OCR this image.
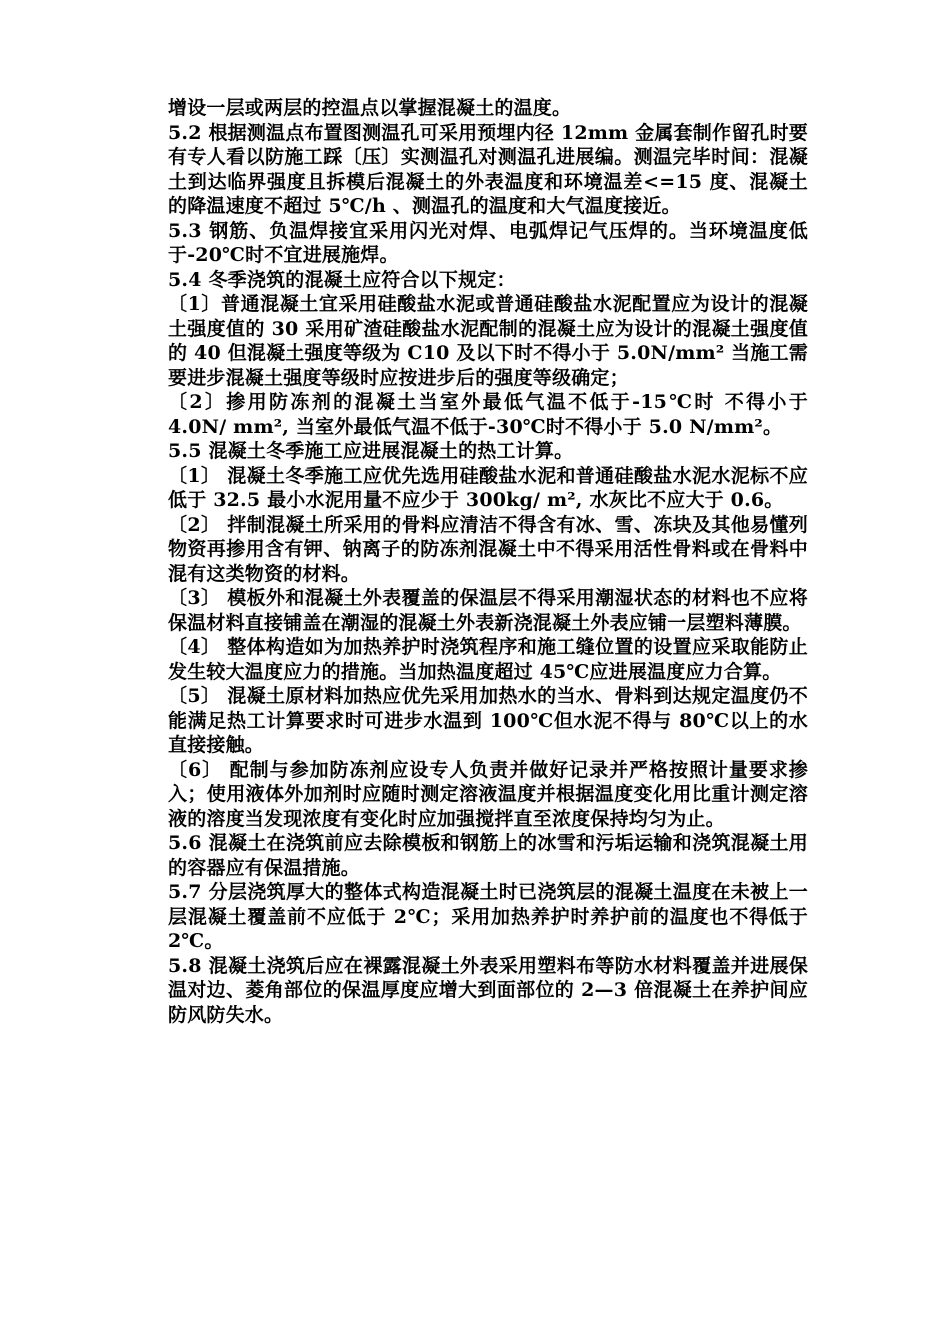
增设一层或两层的控温点以掌握混凝土的温度。

5.2 根据测温点布置图测温孔可采用预埋内径 12mm 金属套制作留孔时要有专人看以防施工踩〔压〕实测温孔对测温孔进展编。测温完毕时间：混凝土到达临界强度且拆模后混凝土的外表温度和环境温差<=15 度、混凝土的降温速度不超过 5℃/h 、测温孔的温度和大气温度接近。

5.3 钢筋、负温焊接宜采用闪光对焊、电弧焊记气压焊的。当环境温度低于-20℃时不宜进展施焊。

5.4 冬季浇筑的混凝土应符合以下规定：

〔1〕普通混凝土宜采用硅酸盐水泥或普通硅酸盐水泥配置应为设计的混凝土强度值的 30 采用矿渣硅酸盐水泥配制的混凝土应为设计的混凝土强度值的 40 但混凝土强度等级为 C10 及以下时不得小于 5.0N/mm² 当施工需要进步混凝土强度等级时应按进步后的强度等级确定；

〔2〕掺用防冻剂的混凝土当室外最低气温不低于-15℃时 不得小于 4.0N/ mm², 当室外最低气温不低于-30℃时不得小于 5.0 N/mm²。

5.5 混凝土冬季施工应进展混凝土的热工计算。

〔1〕 混凝土冬季施工应优先选用硅酸盐水泥和普通硅酸盐水泥水泥标不应低于 32.5 最小水泥用量不应少于 300kg/ m², 水灰比不应大于 0.6。

〔2〕 拌制混凝土所采用的骨料应清洁不得含有冰、雪、冻块及其他易懂列物资再掺用含有钾、钠离子的防冻剂混凝土中不得采用活性骨料或在骨料中混有这类物资的材料。

〔3〕 模板外和混凝土外表覆盖的保温层不得采用潮湿状态的材料也不应将保温材料直接铺盖在潮湿的混凝土外表新浇混凝土外表应铺一层塑料薄膜。

〔4〕 整体构造如为加热养护时浇筑程序和施工缝位置的设置应采取能防止发生较大温度应力的措施。当加热温度超过 45℃应进展温度应力合算。

〔5〕 混凝土原材料加热应优先采用加热水的当水、骨料到达规定温度仍不能满足热工计算要求时可进步水温到 100℃但水泥不得与 80℃以上的水直接接触。

〔6〕 配制与参加防冻剂应设专人负责并做好记录并严格按照计量要求掺入；使用液体外加剂时应随时测定溶液温度并根据温度变化用比重计测定溶液的溶度当发现浓度有变化时应加强搅拌直至浓度保持均匀为止。

5.6 混凝土在浇筑前应去除模板和钢筋上的冰雪和污垢运输和浇筑混凝土用的容器应有保温措施。

5.7 分层浇筑厚大的整体式构造混凝土时已浇筑层的混凝土温度在未被上一层混凝土覆盖前不应低于 2℃；采用加热养护时养护前的温度也不得低于 2℃。

5.8 混凝土浇筑后应在裸露混凝土外表采用塑料布等防水材料覆盖并进展保温对边、菱角部位的保温厚度应增大到面部位的 2—3 倍混凝土在养护间应防风防失水。
